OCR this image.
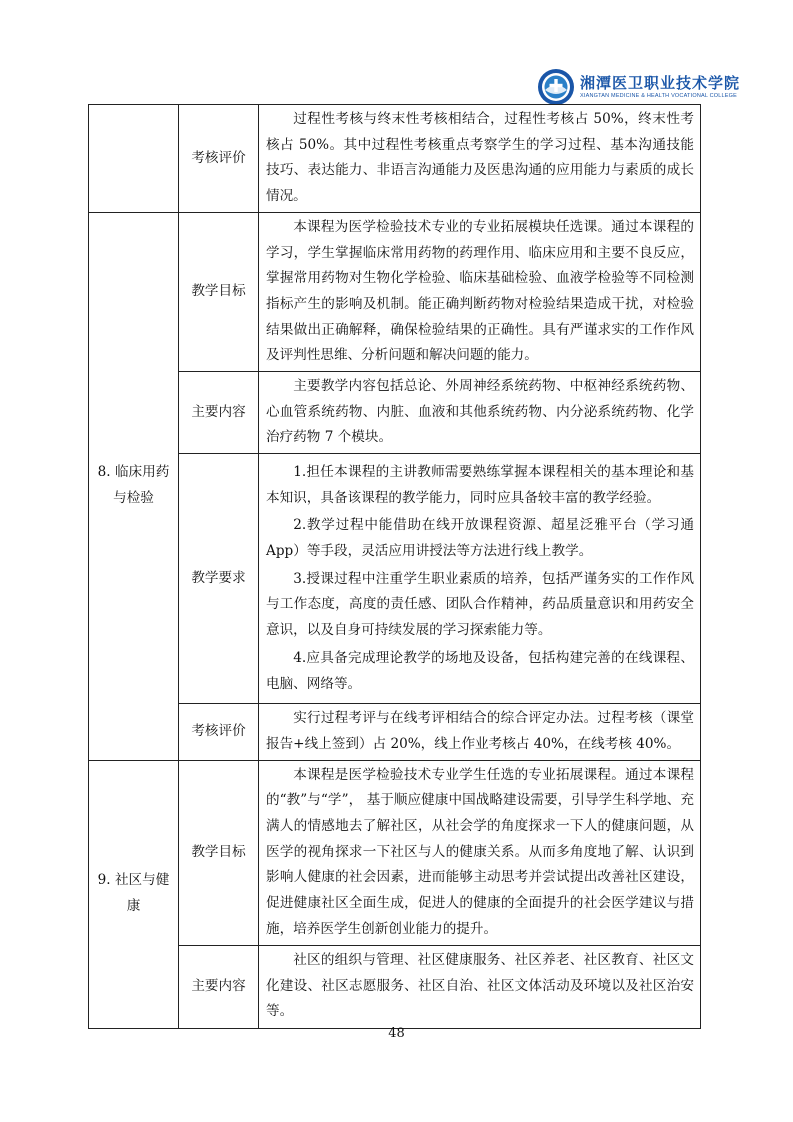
湘潭医卫职业技术学院
XIANGTAN MEDICINE & HEALTH VOCATIONAL COLLEGE
	考核评价	过程性考核与终末性考核相结合，过程性考核占 50%，终末性考核占 50%。其中过程性考核重点考察学生的学习过程、基本沟通技能技巧、表达能力、非语言沟通能力及医患沟通的应用能力与素质的成长情况。

8. 临床用药与检验	教学目标	本课程为医学检验技术专业的专业拓展模块任选课。通过本课程的学习，学生掌握临床常用药物的药理作用、临床应用和主要不良反应，掌握常用药物对生物化学检验、临床基础检验、血液学检验等不同检测指标产生的影响及机制。能正确判断药物对检验结果造成干扰，对检验结果做出正确解释，确保检验结果的正确性。具有严谨求实的工作作风及评判性思维、分析问题和解决问题的能力。

	主要内容	主要教学内容包括总论、外周神经系统药物、中枢神经系统药物、心血管系统药物、内脏、血液和其他系统药物、内分泌系统药物、化学治疗药物 7 个模块。

	教学要求	1.担任本课程的主讲教师需要熟练掌握本课程相关的基本理论和基本知识，具备该课程的教学能力，同时应具备较丰富的教学经验。

2.教学过程中能借助在线开放课程资源、超星泛雅平台（学习通App）等手段，灵活应用讲授法等方法进行线上教学。

3.授课过程中注重学生职业素质的培养，包括严谨务实的工作作风与工作态度，高度的责任感、团队合作精神，药品质量意识和用药安全意识，以及自身可持续发展的学习探索能力等。

4.应具备完成理论教学的场地及设备，包括构建完善的在线课程、电脑、网络等。

	考核评价	实行过程考评与在线考评相结合的综合评定办法。过程考核（课堂报告+线上签到）占 20%，线上作业考核占 40%，在线考核 40%。

9. 社区与健康	教学目标	本课程是医学检验技术专业学生任选的专业拓展课程。通过本课程的“教”与“学”， 基于顺应健康中国战略建设需要，引导学生科学地、充满人的情感地去了解社区，从社会学的角度探求一下人的健康问题，从医学的视角探求一下社区与人的健康关系。从而多角度地了解、认识到影响人健康的社会因素，进而能够主动思考并尝试提出改善社区建设，促进健康社区全面生成，促进人的健康的全面提升的社会医学建议与措施，培养医学生创新创业能力的提升。

	主要内容	社区的组织与管理、社区健康服务、社区养老、社区教育、社区文化建设、社区志愿服务、社区自治、社区文体活动及环境以及社区治安等。

48
